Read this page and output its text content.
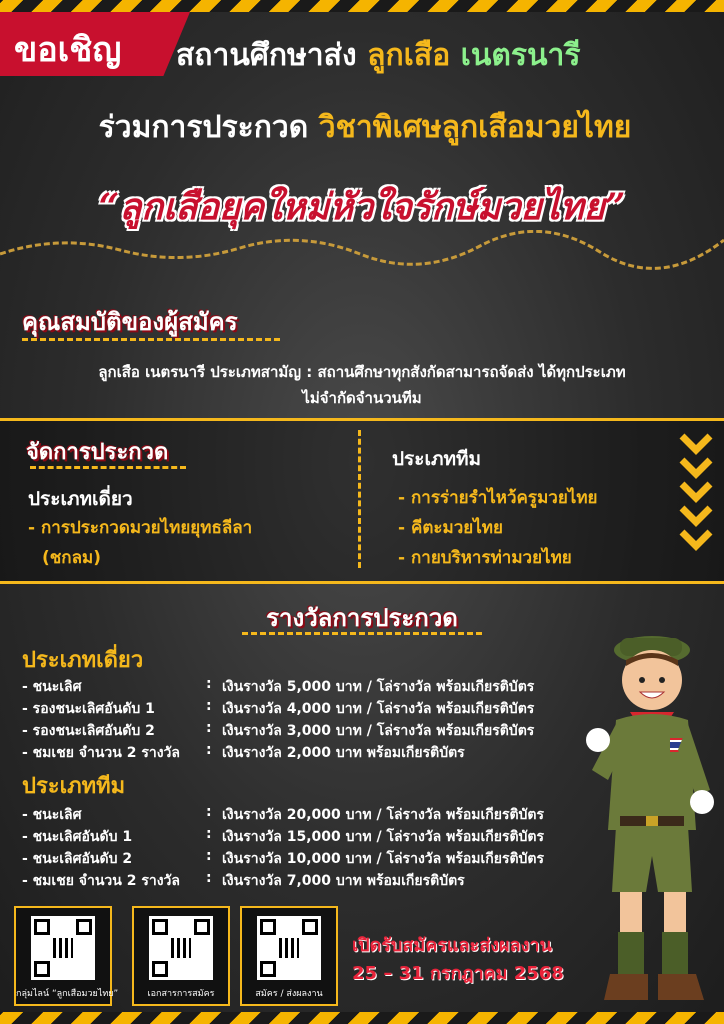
ขอเชิญ สถานศึกษาส่ง ลูกเสือ เนตรนารี
ร่วมการประกวด วิชาพิเศษลูกเสือมวยไทย
“ลูกเสือยุคใหม่หัวใจรักษ์มวยไทย”
คุณสมบัติของผู้สมัคร
ลูกเสือ เนตรนารี ประเภทสามัญ : สถานศึกษาทุกสังกัดสามารถจัดส่ง ได้ทุกประเภท
ไม่จำกัดจำนวนทีม
จัดการประกวด
ประเภทเดี่ยว
- การประกวดมวยไทยยุทธลีลา
(ชกลม)
ประเภททีม
- การร่ายรำไหว้ครูมวยไทย
- คีตะมวยไทย
- กายบริหารท่ามวยไทย
รางวัลการประกวด
ประเภทเดี่ยว
- ชนะเลิศ	: เงินรางวัล 5,000 บาท / โล่รางวัล พร้อมเกียรติบัตร
- รองชนะเลิศอันดับ 1	: เงินรางวัล 4,000 บาท / โล่รางวัล พร้อมเกียรติบัตร
- รองชนะเลิศอันดับ 2	: เงินรางวัล 3,000 บาท / โล่รางวัล พร้อมเกียรติบัตร
- ชมเชย จำนวน 2 รางวัล	: เงินรางวัล 2,000 บาท พร้อมเกียรติบัตร
ประเภททีม
- ชนะเลิศ	: เงินรางวัล 20,000 บาท / โล่รางวัล พร้อมเกียรติบัตร
- ชนะเลิศอันดับ 1	: เงินรางวัล 15,000 บาท / โล่รางวัล พร้อมเกียรติบัตร
- ชนะเลิศอันดับ 2	: เงินรางวัล 10,000 บาท / โล่รางวัล พร้อมเกียรติบัตร
- ชมเชย จำนวน 2 รางวัล	: เงินรางวัล 7,000 บาท พร้อมเกียรติบัตร
กลุ่มไลน์ “ลูกเสือมวยไทย”	เอกสารการสมัคร	สมัคร / ส่งผลงาน
เปิดรับสมัครและส่งผลงาน
25 – 31 กรกฎาคม 2568
